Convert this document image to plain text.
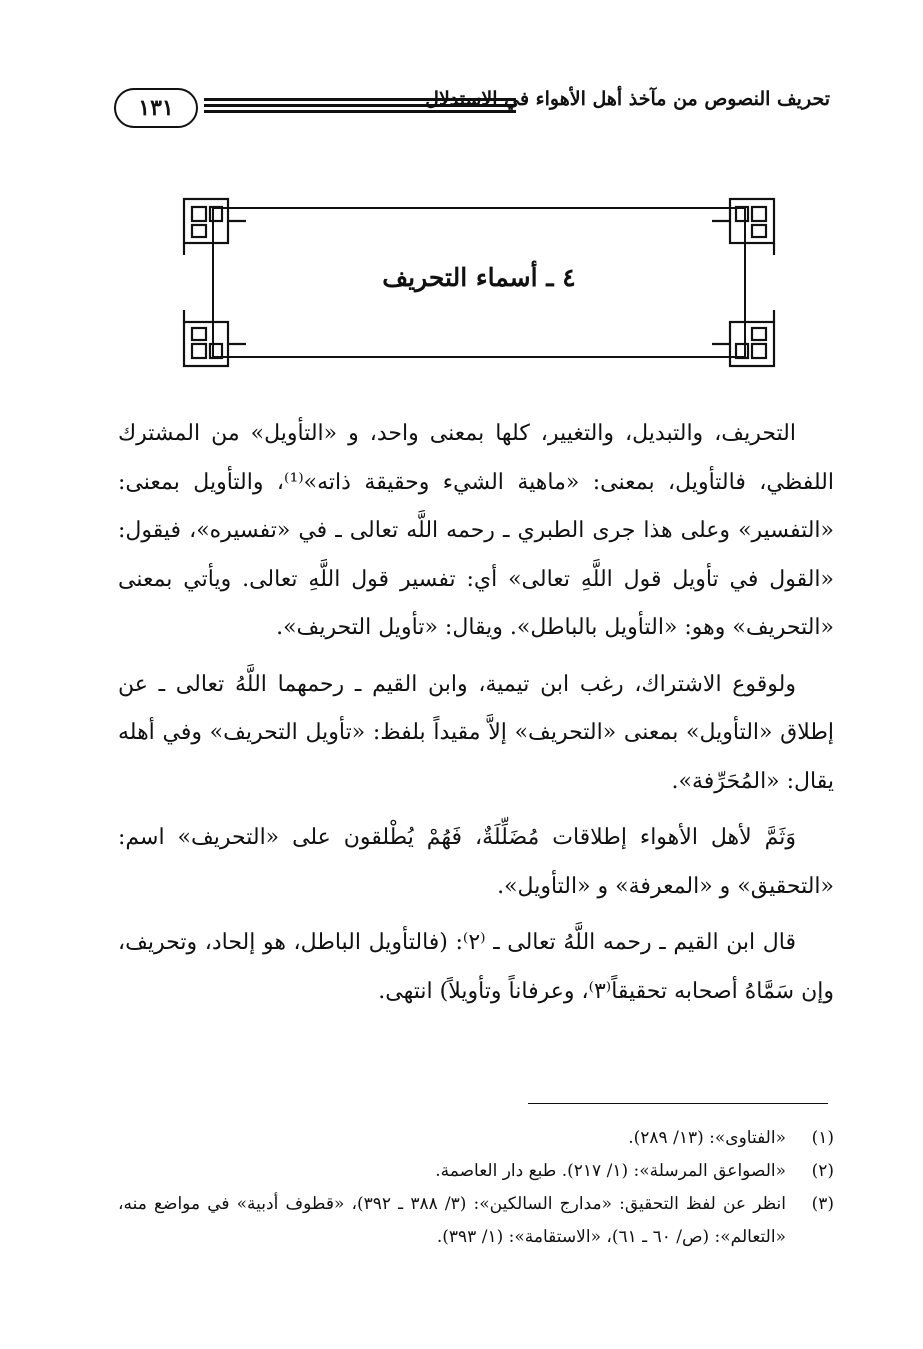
١٣١	تحريف النصوص من مآخذ أهل الأهواء في الاستدلال
٤ ـ أسماء التحريف

التحريف، والتبديل، والتغيير، كلها بمعنى واحد، و «التأويل» من المشترك اللفظي، فالتأويل، بمعنى: «ماهية الشيء وحقيقة ذاته»⁽¹⁾، والتأويل بمعنى: «التفسير» وعلى هذا جرى الطبري ـ رحمه اللَّه تعالى ـ في «تفسيره»، فيقول: «القول في تأويل قول اللَّهِ تعالى» أي: تفسير قول اللَّهِ تعالى. ويأتي بمعنى «التحريف» وهو: «التأويل بالباطل». ويقال: «تأويل التحريف».

ولوقوع الاشتراك، رغب ابن تيمية، وابن القيم ـ رحمهما اللَّهُ تعالى ـ عن إطلاق «التأويل» بمعنى «التحريف» إلاَّ مقيداً بلفظ: «تأويل التحريف» وفي أهله يقال: «المُحَرِّفة».

وَثَمَّ لأهل الأهواء إطلاقات مُضَلِّلَةٌ، فَهُمْ يُطْلقون على «التحريف» اسم: «التحقيق» و «المعرفة» و «التأويل».

قال ابن القيم ـ رحمه اللَّهُ تعالى ـ ⁽٢⁾: (فالتأويل الباطل، هو إلحاد، وتحريف، وإن سَمَّاهُ أصحابه تحقيقاً⁽٣⁾، وعرفاناً وتأويلاً) انتهى.

(١)
«الفتاوى»: (١٣/ ٢٨٩).
(٢)
«الصواعق المرسلة»: (١/ ٢١٧). طبع دار العاصمة.
(٣)
انظر عن لفظ التحقيق: «مدارج السالكين»: (٣/ ٣٨٨ ـ ٣٩٢)، «قطوف أدبية» في مواضع منه، «التعالم»: (ص/ ٦٠ ـ ٦١)، «الاستقامة»: (١/ ٣٩٣).
